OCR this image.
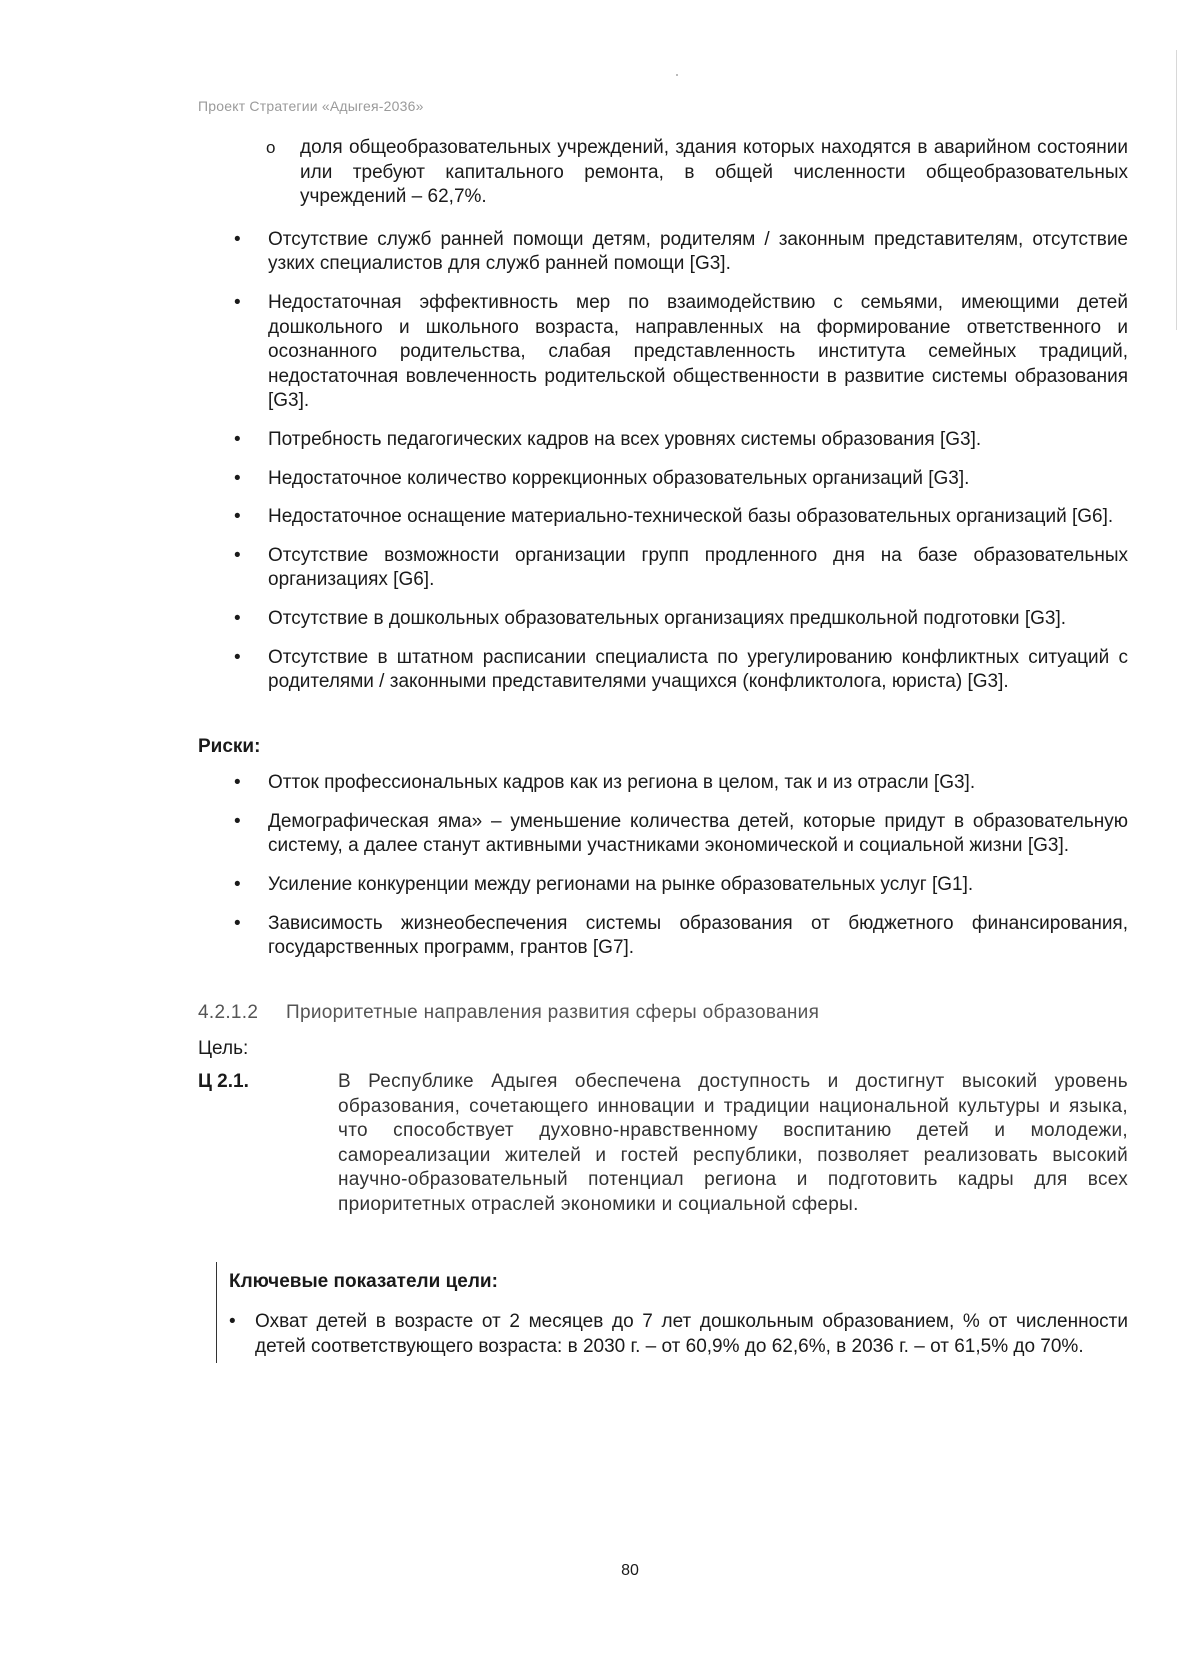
Проект Стратегии «Адыгея-2036»
o	доля общеобразовательных учреждений, здания которых находятся в аварийном состоянии или требуют капитального ремонта, в общей численности общеобразовательных учреждений – 62,7%.
•	Отсутствие служб ранней помощи детям, родителям / законным представителям, отсутствие узких специалистов для служб ранней помощи [G3].
•	Недостаточная эффективность мер по взаимодействию с семьями, имеющими детей дошкольного и школьного возраста, направленных на формирование ответственного и осознанного родительства, слабая представленность института семейных традиций, недостаточная вовлеченность родительской общественности в развитие системы образования [G3].
•	Потребность педагогических кадров на всех уровнях системы образования [G3].
•	Недостаточное количество коррекционных образовательных организаций [G3].
•	Недостаточное оснащение материально-технической базы образовательных организаций [G6].
•	Отсутствие возможности организации групп продленного дня на базе образовательных организациях [G6].
•	Отсутствие в дошкольных образовательных организациях предшкольной подготовки [G3].
•	Отсутствие в штатном расписании специалиста по урегулированию конфликтных ситуаций с родителями / законными представителями учащихся (конфликтолога, юриста) [G3].
Риски:
•	Отток профессиональных кадров как из региона в целом, так и из отрасли [G3].
•	Демографическая яма» – уменьшение количества детей, которые придут в образовательную систему, а далее станут активными участниками экономической и социальной жизни [G3].
•	Усиление конкуренции между регионами на рынке образовательных услуг [G1].
•	Зависимость жизнеобеспечения системы образования от бюджетного финансирования, государственных программ, грантов [G7].
4.2.1.2 Приоритетные направления развития сферы образования
Цель:
Ц 2.1.	В Республике Адыгея обеспечена доступность и достигнут высокий уровень образования, сочетающего инновации и традиции национальной культуры и языка, что способствует духовно-нравственному воспитанию детей и молодежи, самореализации жителей и гостей республики, позволяет реализовать высокий научно-образовательный потенциал региона и подготовить кадры для всех приоритетных отраслей экономики и социальной сферы.
Ключевые показатели цели:
•	Охват детей в возрасте от 2 месяцев до 7 лет дошкольным образованием, % от численности детей соответствующего возраста: в 2030 г. – от 60,9% до 62,6%, в 2036 г. – от 61,5% до 70%.
80
